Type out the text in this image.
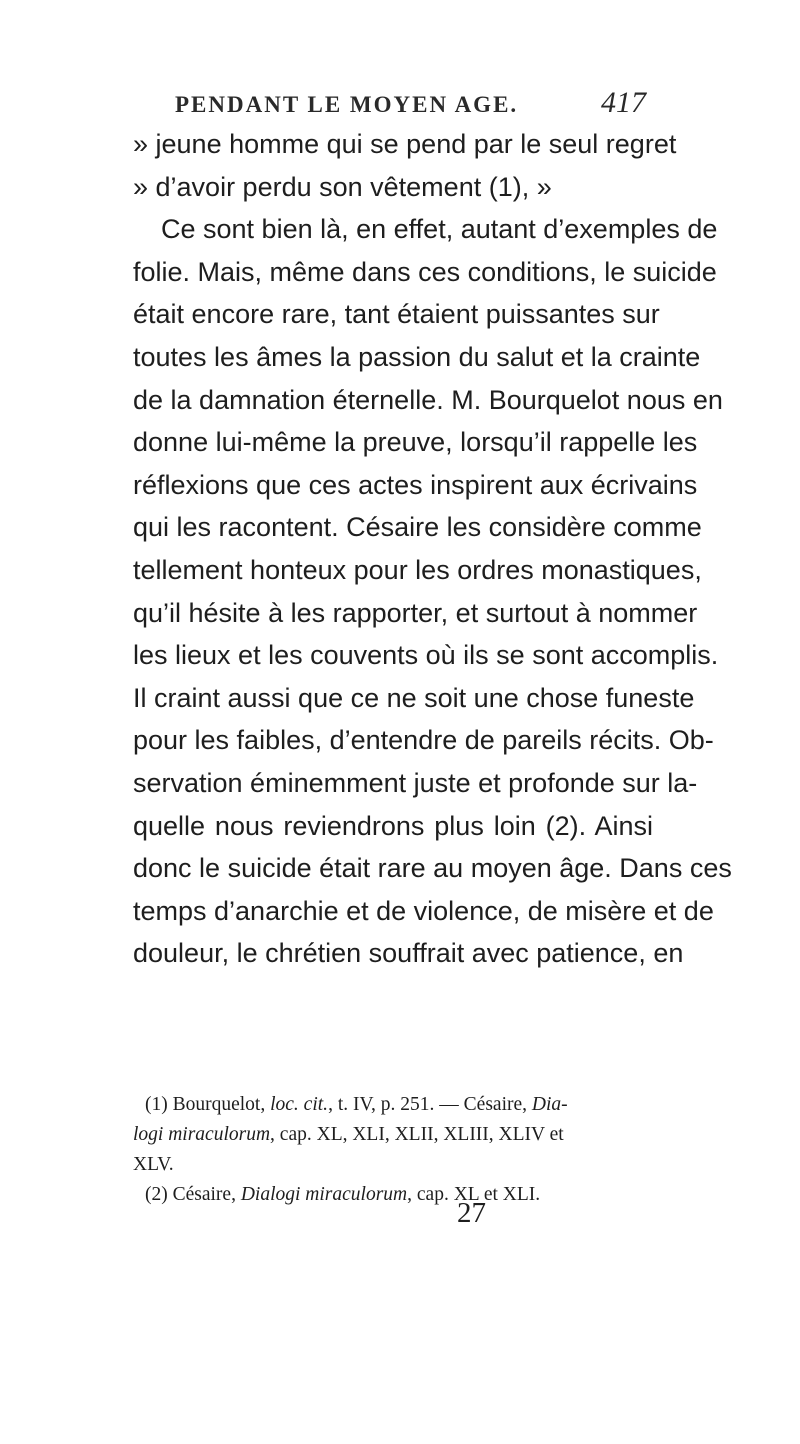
PENDANT LE MOYEN AGE.	417
» jeune homme qui se pend par le seul regret
» d’avoir perdu son vêtement (1), »
Ce sont bien là, en effet, autant d’exemples de
folie. Mais, même dans ces conditions, le suicide
était encore rare, tant étaient puissantes sur
toutes les âmes la passion du salut et la crainte
de la damnation éternelle. M. Bourquelot nous en
donne lui-même la preuve, lorsqu’il rappelle les
réflexions que ces actes inspirent aux écrivains
qui les racontent. Césaire les considère comme
tellement honteux pour les ordres monastiques,
qu’il hésite à les rapporter, et surtout à nommer
les lieux et les couvents où ils se sont accomplis.
Il craint aussi que ce ne soit une chose funeste
pour les faibles, d’entendre de pareils récits. Ob-
servation éminemment juste et profonde sur la-
quelle nous reviendrons plus loin (2). Ainsi
donc le suicide était rare au moyen âge. Dans ces
temps d’anarchie et de violence, de misère et de
douleur, le chrétien souffrait avec patience, en
(1) Bourquelot, loc. cit., t. IV, p. 251. — Césaire, Dia-
logi miraculorum, cap. XL, XLI, XLII, XLIII, XLIV et
XLV.
(2) Césaire, Dialogi miraculorum, cap. XL et XLI.
27
